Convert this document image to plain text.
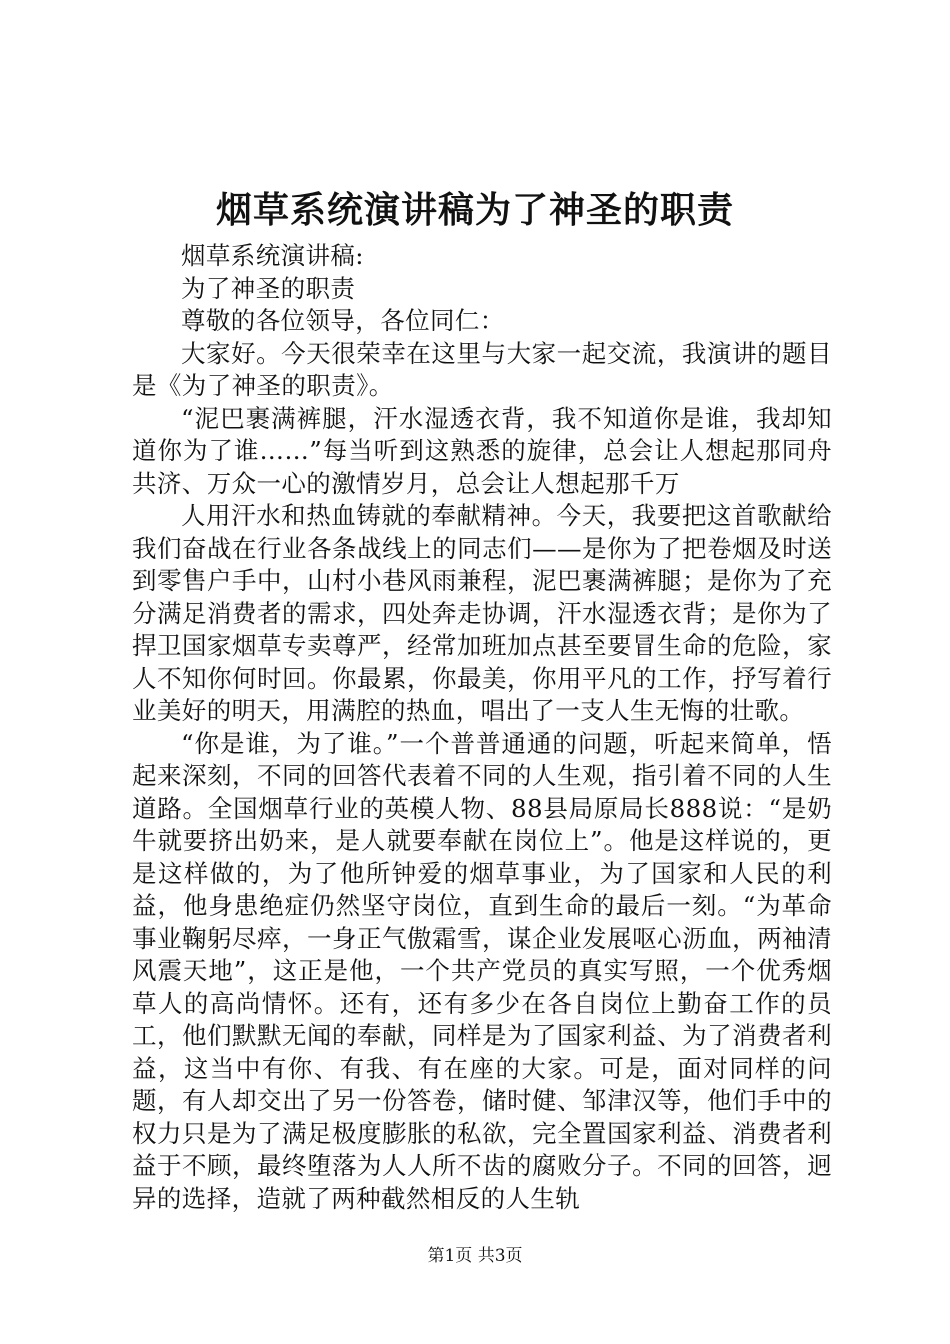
烟草系统演讲稿为了神圣的职责

烟草系统演讲稿:

为了神圣的职责

尊敬的各位领导，各位同仁：

大家好。今天很荣幸在这里与大家一起交流，我演讲的题目是《为了神圣的职责》。

“泥巴裹满裤腿，汗水湿透衣背，我不知道你是谁，我却知道你为了谁……”每当听到这熟悉的旋律，总会让人想起那同舟共济、万众一心的激情岁月，总会让人想起那千万

人用汗水和热血铸就的奉献精神。今天，我要把这首歌献给我们奋战在行业各条战线上的同志们——是你为了把卷烟及时送到零售户手中，山村小巷风雨兼程，泥巴裹满裤腿；是你为了充分满足消费者的需求，四处奔走协调，汗水湿透衣背；是你为了捍卫国家烟草专卖尊严，经常加班加点甚至要冒生命的危险，家人不知你何时回。你最累，你最美，你用平凡的工作，抒写着行业美好的明天，用满腔的热血，唱出了一支人生无悔的壮歌。

“你是谁，为了谁。”一个普普通通的问题，听起来简单，悟起来深刻，不同的回答代表着不同的人生观，指引着不同的人生道路。全国烟草行业的英模人物、88县局原局长888说：“是奶牛就要挤出奶来，是人就要奉献在岗位上”。他是这样说的，更是这样做的，为了他所钟爱的烟草事业，为了国家和人民的利益，他身患绝症仍然坚守岗位，直到生命的最后一刻。“为革命事业鞠躬尽瘁，一身正气傲霜雪，谋企业发展呕心沥血，两袖清风震天地”，这正是他，一个共产党员的真实写照，一个优秀烟草人的高尚情怀。还有，还有多少在各自岗位上勤奋工作的员工，他们默默无闻的奉献，同样是为了国家利益、为了消费者利益，这当中有你、有我、有在座的大家。可是，面对同样的问题，有人却交出了另一份答卷，储时健、邹津汉等，他们手中的权力只是为了满足极度膨胀的私欲，完全置国家利益、消费者利益于不顾，最终堕落为人人所不齿的腐败分子。不同的回答，迥异的选择，造就了两种截然相反的人生轨

第1页 共3页
